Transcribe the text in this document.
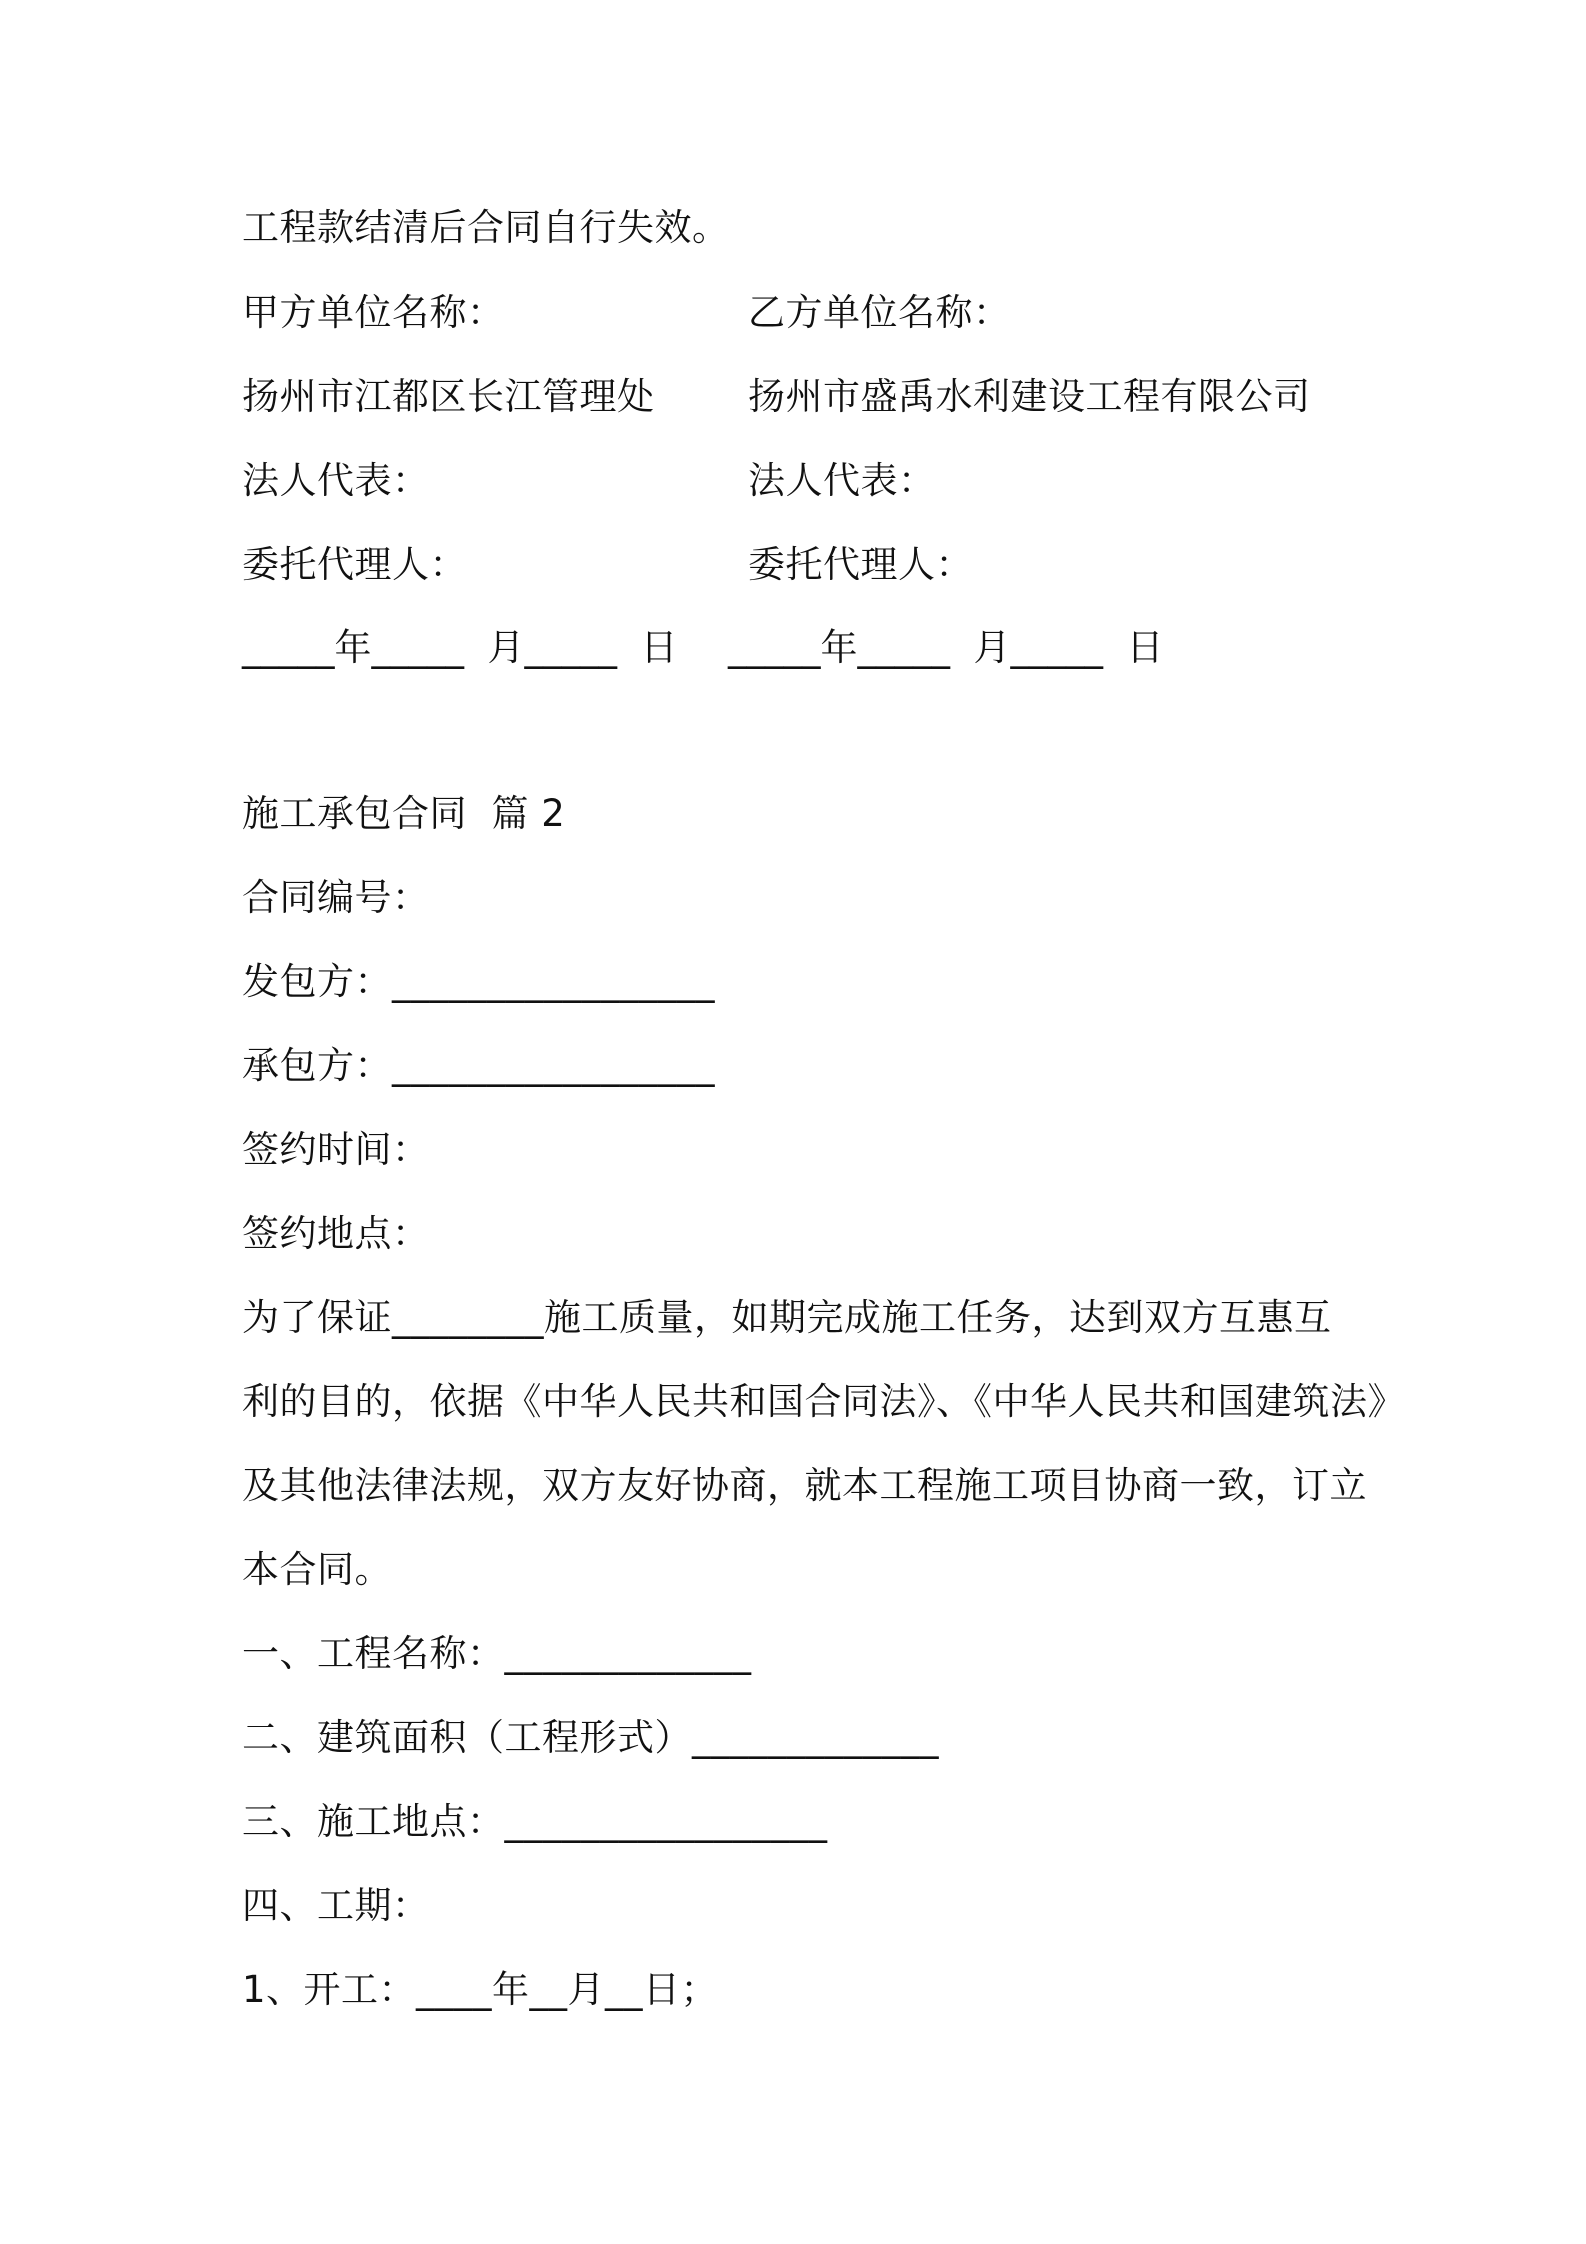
工程款结清后合同自行失效。
甲方单位名称：	乙方单位名称：
扬州市江都区长江管理处	扬州市盛禹水利建设工程有限公司
法人代表：	法人代表：
委托代理人：	委托代理人：
_____年_____  月_____  日 _____年_____  月_____  日
施工承包合同  篇 2
合同编号：
发包方：_________________
承包方：_________________
签约时间：
签约地点：
为了保证________施工质量，如期完成施工任务，达到双方互惠互
利的目的，依据《中华人民共和国合同法》、《中华人民共和国建筑法》
及其他法律法规，双方友好协商，就本工程施工项目协商一致，订立
本合同。
一、工程名称：_____________
二、建筑面积（工程形式）_____________
三、施工地点：_________________
四、工期：
1、开工：____年__月__日；
